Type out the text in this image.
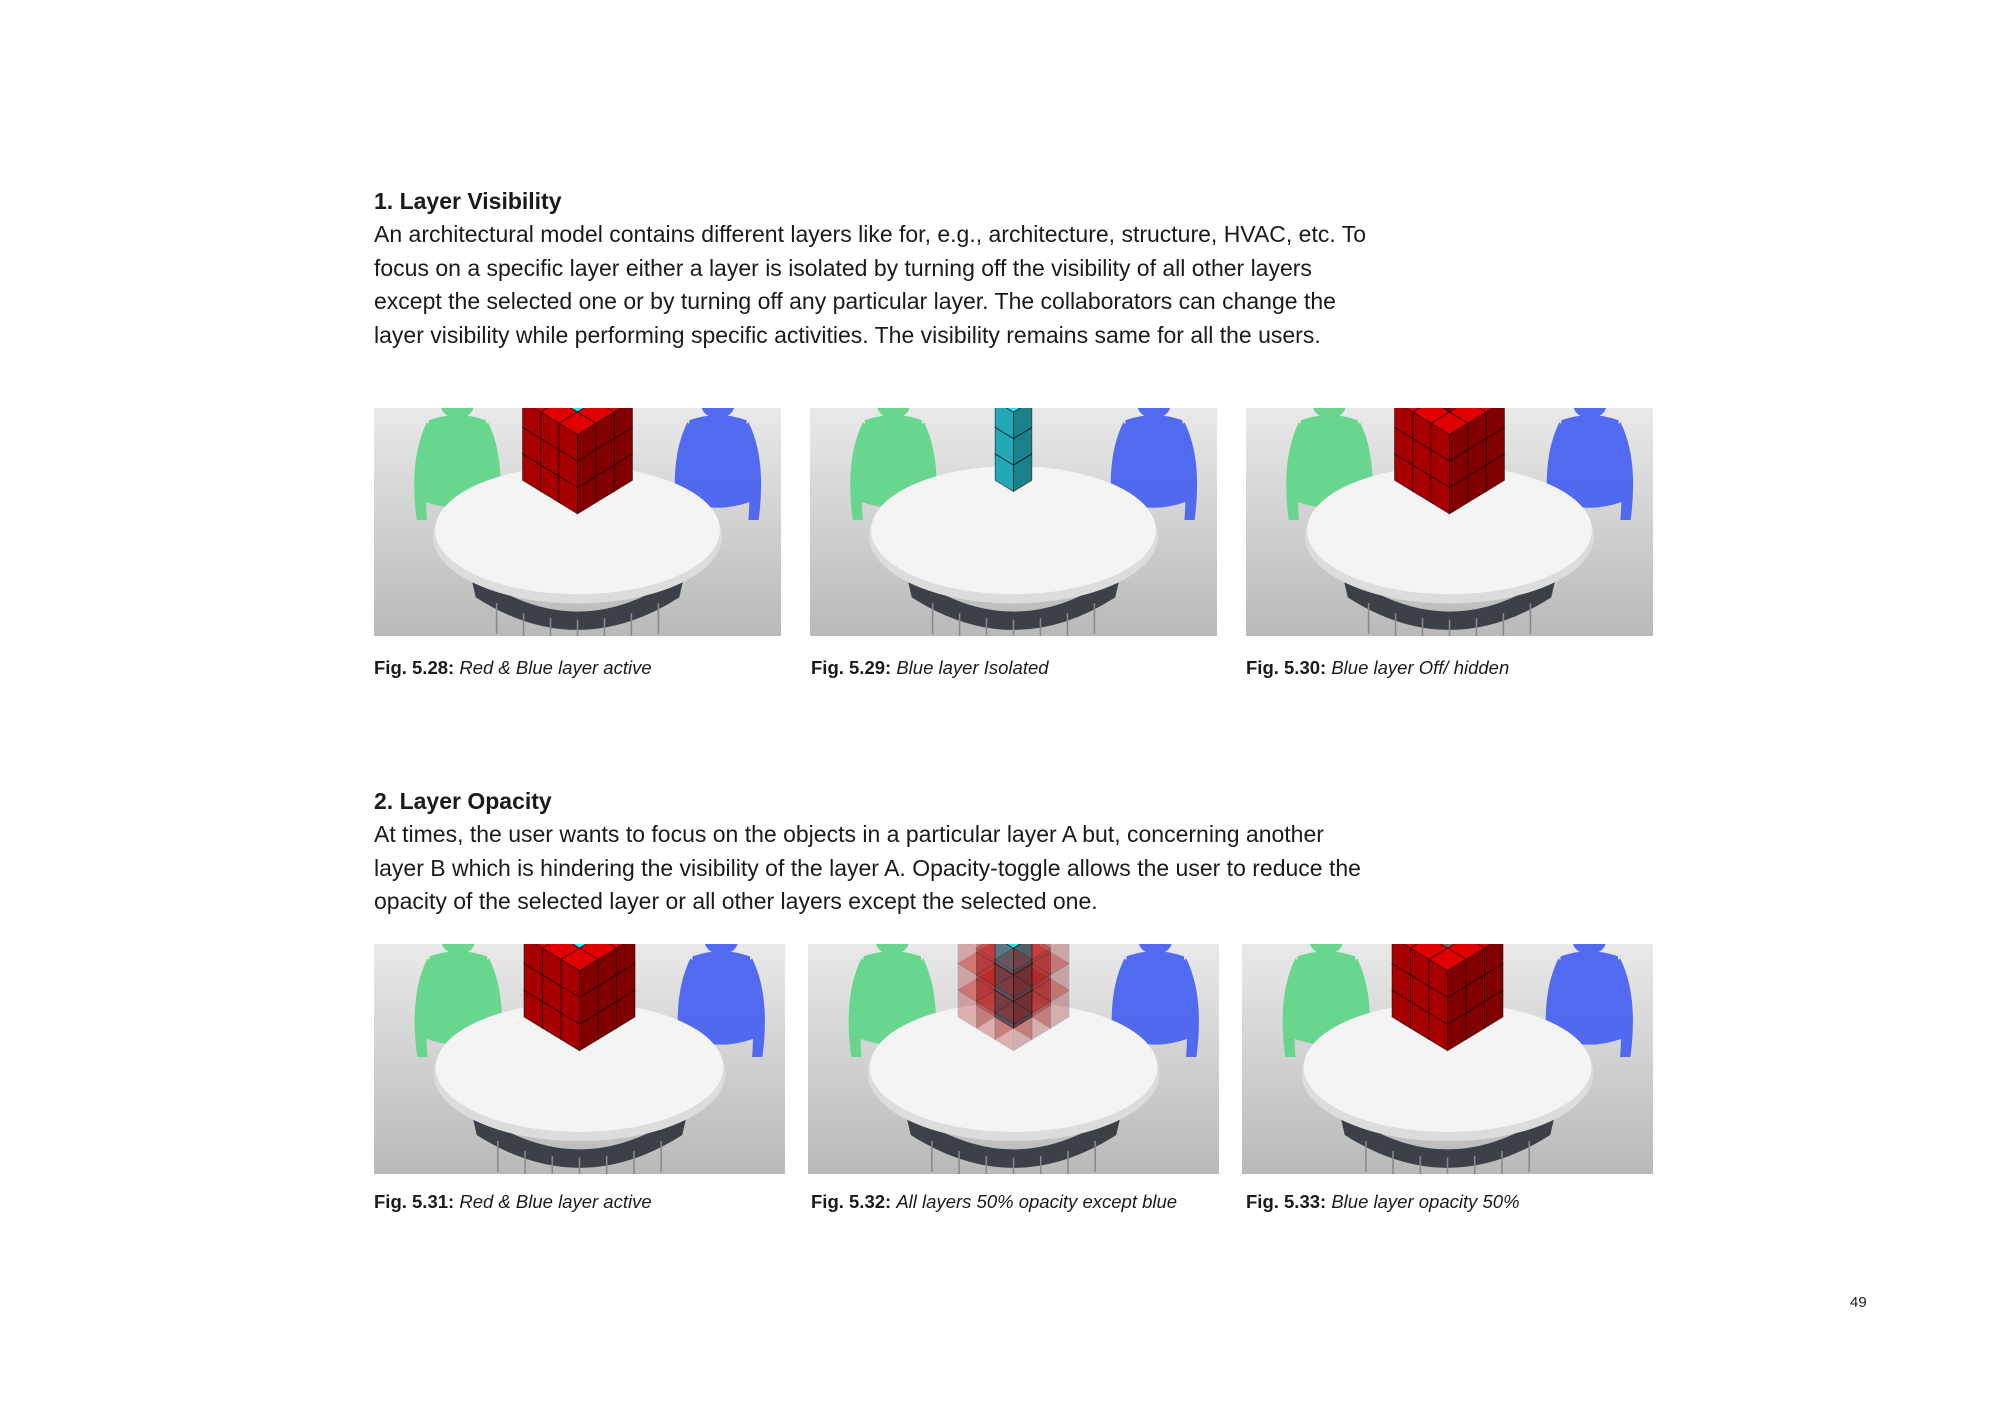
1. Layer Visibility

An architectural model contains different layers like for, e.g., architecture, structure, HVAC, etc. To focus on a specific layer either a layer is isolated by turning off the visibility of all other layers except the selected one or by turning off any particular layer. The collaborators can change the layer visibility while performing specific activities. The visibility remains same for all the users.

Fig. 5.28: Red & Blue layer active	Fig. 5.29: Blue layer Isolated	Fig. 5.30: Blue layer Off/ hidden
2. Layer Opacity

At times, the user wants to focus on the objects in a particular layer A but, concerning another layer B which is hindering the visibility of the layer A. Opacity-toggle allows the user to reduce the opacity of the selected layer or all other layers except the selected one.

Fig. 5.31: Red & Blue layer active	Fig. 5.32: All layers 50% opacity except blue	Fig. 5.33: Blue layer opacity 50%
49
